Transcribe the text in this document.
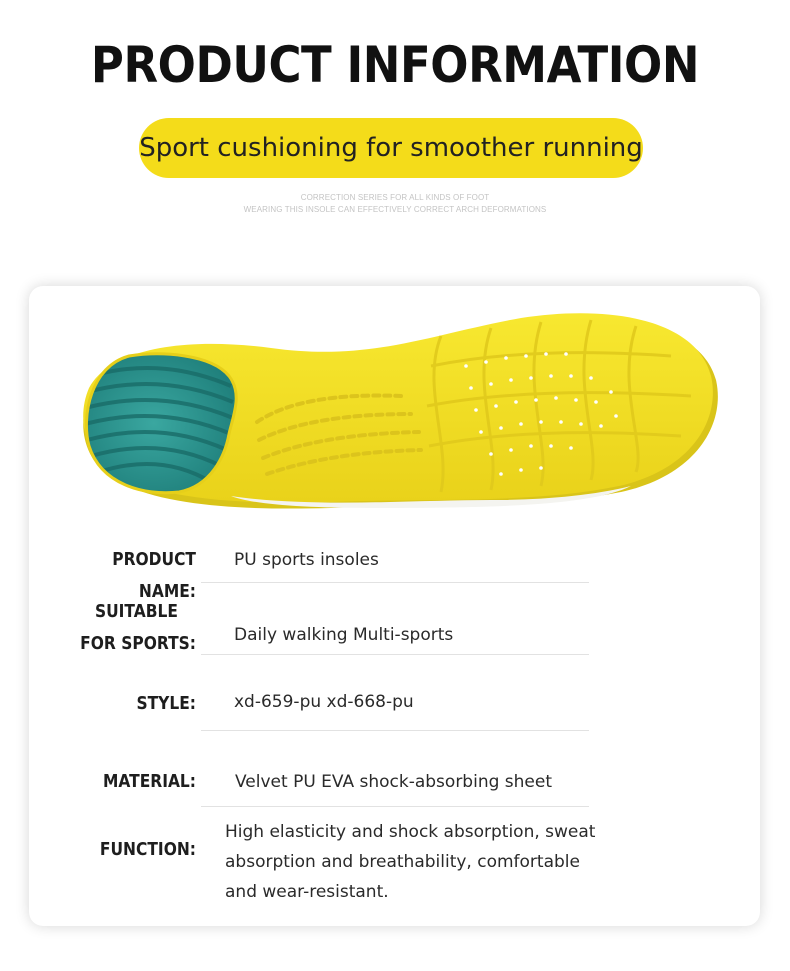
PRODUCT INFORMATION
Sport cushioning for smoother running
CORRECTION SERIES FOR ALL KINDS OF FOOT
WEARING THIS INSOLE CAN EFFECTIVELY CORRECT ARCH DEFORMATIONS
PRODUCT NAME:
PU sports insoles
SUITABLE
FOR SPORTS: Daily walking Multi-sports
STYLE: xd-659-pu xd-668-pu
MATERIAL: Velvet PU EVA shock-absorbing sheet
FUNCTION:
High elasticity and shock absorption, sweat
absorption and breathability, comfortable
and wear-resistant.
